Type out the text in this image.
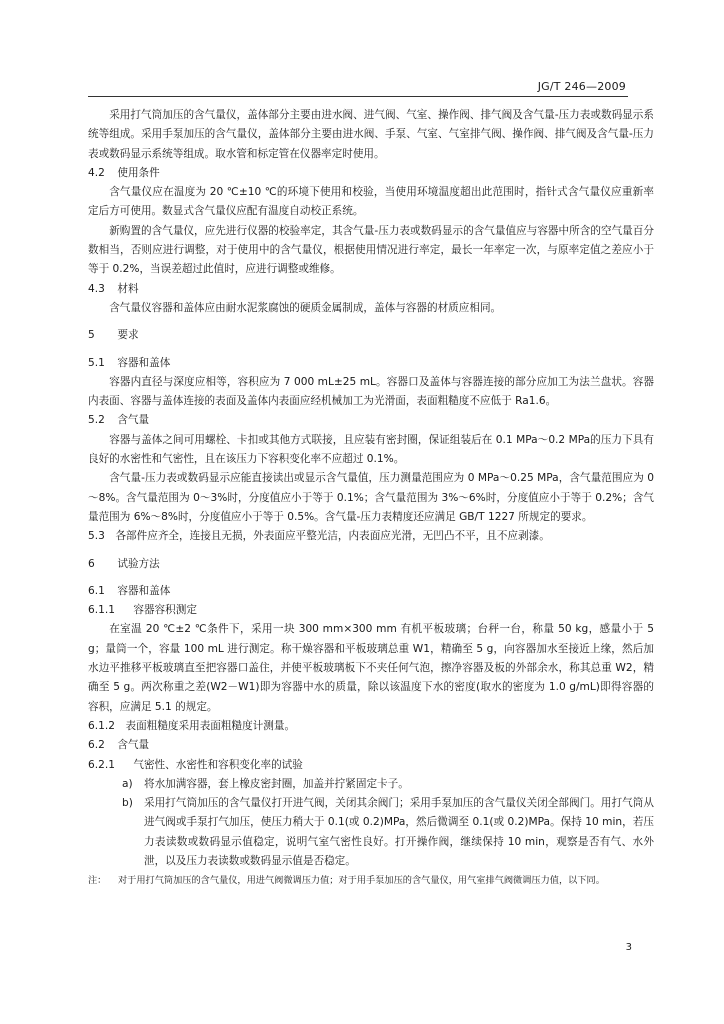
JG/T 246—2009

采用打气筒加压的含气量仪，盖体部分主要由进水阀、进气阀、气室、操作阀、排气阀及含气量-压力表或数码显示系统等组成。采用手泵加压的含气量仪，盖体部分主要由进水阀、手泵、气室、气室排气阀、操作阀、排气阀及含气量-压力表或数码显示系统等组成。取水管和标定管在仪器率定时使用。

4.2 使用条件

含气量仪应在温度为 20 ℃±10 ℃的环境下使用和校验，当使用环境温度超出此范围时，指针式含气量仪应重新率定后方可使用。数显式含气量仪应配有温度自动校正系统。

新购置的含气量仪，应先进行仪器的校验率定，其含气量-压力表或数码显示的含气量值应与容器中所含的空气量百分数相当，否则应进行调整，对于使用中的含气量仪，根据使用情况进行率定，最长一年率定一次，与原率定值之差应小于等于 0.2%，当误差超过此值时，应进行调整或维修。

4.3 材料

含气量仪容器和盖体应由耐水泥浆腐蚀的硬质金属制成，盖体与容器的材质应相同。

5 要求

5.1 容器和盖体

容器内直径与深度应相等，容积应为 7 000 mL±25 mL。容器口及盖体与容器连接的部分应加工为法兰盘状。容器内表面、容器与盖体连接的表面及盖体内表面应经机械加工为光滑面，表面粗糙度不应低于 Ra1.6。

5.2 含气量

容器与盖体之间可用螺栓、卡扣或其他方式联接，且应装有密封圈，保证组装后在 0.1 MPa～0.2 MPa的压力下具有良好的水密性和气密性，且在该压力下容积变化率不应超过 0.1%。

含气量-压力表或数码显示应能直接读出或显示含气量值，压力测量范围应为 0 MPa～0.25 MPa，含气量范围应为 0～8%。含气量范围为 0～3%时，分度值应小于等于 0.1%；含气量范围为 3%～6%时，分度值应小于等于 0.2%；含气量范围为 6%～8%时，分度值应小于等于 0.5%。含气量-压力表精度还应满足 GB/T 1227 所规定的要求。

5.3　各部件应齐全，连接且无损，外表面应平整光洁，内表面应光滑，无凹凸不平，且不应剥漆。

6 试验方法

6.1 容器和盖体

6.1.1 容器容积测定

在室温 20 ℃±2 ℃条件下，采用一块 300 mm×300 mm 有机平板玻璃；台秤一台，称量 50 kg，感量小于 5 g；量筒一个，容量 100 mL 进行测定。称干燥容器和平板玻璃总重 W1，精确至 5 g，向容器加水至接近上缘，然后加水边平推移平板玻璃直至把容器口盖住，并使平板玻璃板下不夹任何气泡，擦净容器及板的外部余水，称其总重 W2，精确至 5 g。两次称重之差(W2－W1)即为容器中水的质量，除以该温度下水的密度(取水的密度为 1.0 g/mL)即得容器的容积，应满足 5.1 的规定。

6.1.2　表面粗糙度采用表面粗糙度计测量。

6.2 含气量

6.2.1 气密性、水密性和容积变化率的试验

a) 将水加满容器，套上橡皮密封圈，加盖并拧紧固定卡子。

b) 采用打气筒加压的含气量仪打开进气阀，关闭其余阀门；采用手泵加压的含气量仪关闭全部阀门。用打气筒从进气阀或手泵打气加压，使压力稍大于 0.1(或 0.2)MPa，然后微调至 0.1(或 0.2)MPa。保持 10 min，若压力表读数或数码显示值稳定，说明气室气密性良好。打开操作阀，继续保持 10 min，观察是否有气、水外泄，以及压力表读数或数码显示值是否稳定。

注： 对于用打气筒加压的含气量仪，用进气阀微调压力值；对于用手泵加压的含气量仪，用气室排气阀微调压力值，以下同。

3
